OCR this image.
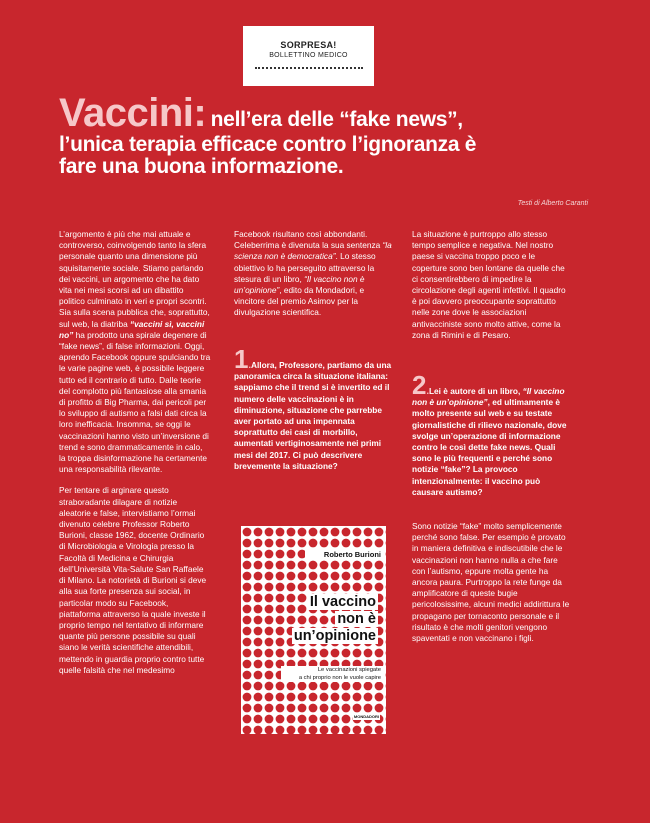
SORPRESA!
BOLLETTINO MEDICO
Vaccini: nell’era delle “fake news”,
l’unica terapia efficace contro l’ignoranza è
fare una buona informazione.
Testi di Alberto Caranti

L’argomento è più che mai attuale e controverso, coinvolgendo tanto la sfera personale quanto una dimensione più squisitamente sociale. Stiamo parlando dei vaccini, un argomento che ha dato vita nei mesi scorsi ad un dibattito politico culminato in veri e propri scontri. Sia sulla scena pubblica che, soprattutto, sul web, la diatriba “vaccini sì, vaccini no” ha prodotto una spirale degenere di “fake news”, di false informazioni. Oggi, aprendo Facebook oppure spulciando tra le varie pagine web, è possibile leggere tutto ed il contrario di tutto. Dalle teorie del complotto più fantasiose alla smania di profitto di Big Pharma, dai pericoli per lo sviluppo di autismo a falsi dati circa la loro inefficacia. Insomma, se oggi le vaccinazioni hanno visto un’inversione di trend e sono drammaticamente in calo, la troppa disinformazione ha certamente una responsabilità rilevante.

Per tentare di arginare questo straboradante dilagare di notizie aleatorie e false, intervistiamo l’ormai divenuto celebre Professor Roberto Burioni, classe 1962, docente Ordinario di Microbiologia e Virologia presso la Facoltà di Medicina e Chirurgia dell’Università Vita-Salute San Raffaele di Milano. La notorietà di Burioni si deve alla sua forte presenza sui social, in particolar modo su Facebook, piattaforma attraverso la quale investe il proprio tempo nel tentativo di informare quante più persone possibile su quali siano le verità scientifiche attendibili, mettendo in guardia proprio contro tutte quelle falsità che nel medesimo

Facebook risultano così abbondanti. Celeberrima è divenuta la sua sentenza “la scienza non è democratica”. Lo stesso obiettivo lo ha perseguito attraverso la stesura di un libro, “Il vaccino non è un’opinione”, edito da Mondadori, e vincitore del premio Asimov per la divulgazione scientifica.

1.Allora, Professore, partiamo da una panoramica circa la situazione italiana: sappiamo che il trend si è invertito ed il numero delle vaccinazioni è in diminuzione, situazione che parrebbe aver portato ad una impennata soprattutto dei casi di morbillo, aumentati vertiginosamente nei primi mesi del 2017. Ci può descrivere brevemente la situazione?

La situazione è purtroppo allo stesso tempo semplice e negativa. Nel nostro paese si vaccina troppo poco e le coperture sono ben lontane da quelle che ci consentirebbero di impedire la circolazione degli agenti infettivi. Il quadro è poi davvero preoccupante soprattutto nelle zone dove le associazioni antivacciniste sono molto attive, come la zona di Rimini e di Pesaro.

2.Lei è autore di un libro, “Il vaccino non è un’opinione”, ed ultimamente è molto presente sul web e su testate giornalistiche di rilievo nazionale, dove svolge un’operazione di informazione contro le così dette fake news. Quali sono le più frequenti e perché sono notizie “fake”? La provoco intenzionalmente: il vaccino può causare autismo?

Sono notizie “fake” molto semplicemente perché sono false. Per esempio è provato in maniera definitiva e indiscutibile che le vaccinazioni non hanno nulla a che fare con l’autismo, eppure molta gente ha ancora paura. Purtroppo la rete funge da amplificatore di queste bugie pericolosissime, alcuni medici addirittura le propagano per tornaconto personale e il risultato è che molti genitori vengono spaventati e non vaccinano i figli.

Roberto Burioni
Il vaccino
non è
un’opinione
Le vaccinazioni spiegate
a chi proprio non le vuole capire
MONDADORI
